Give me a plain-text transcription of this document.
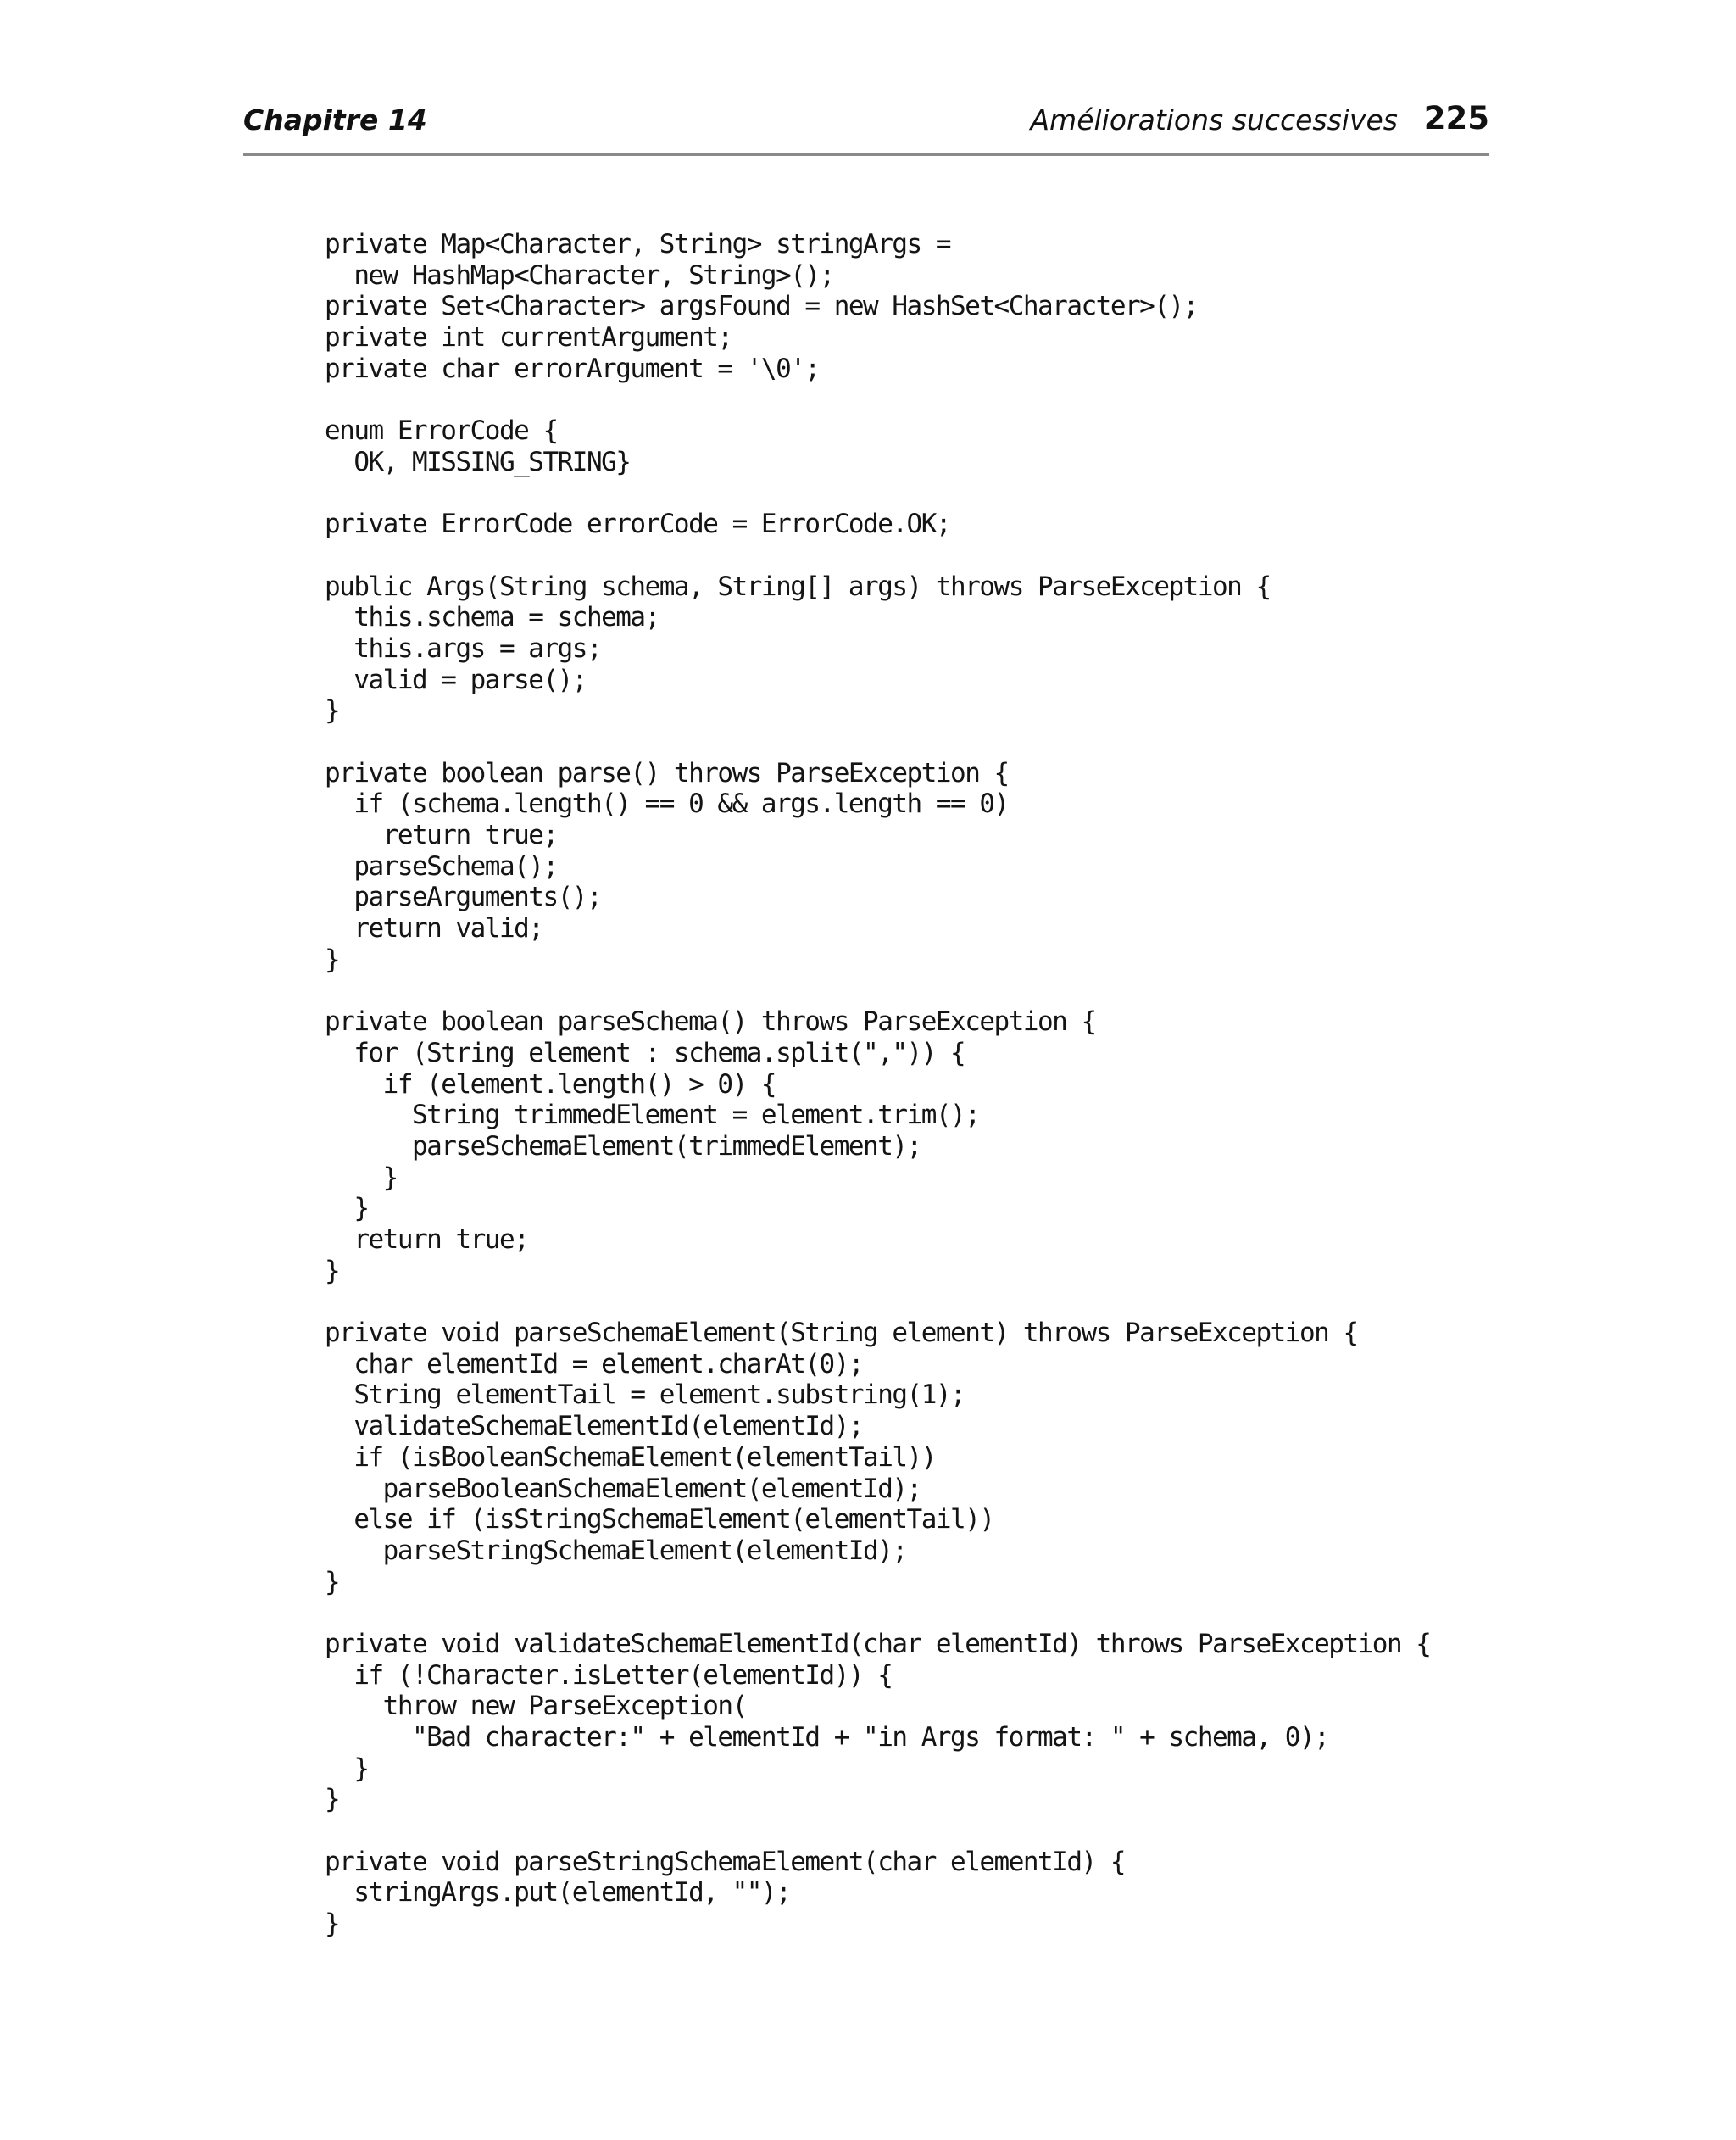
Chapitre 14	Améliorations successives 225
private Map<Character, String> stringArgs =
new HashMap<Character, String>();
private Set<Character> argsFound = new HashSet<Character>();
private int currentArgument;
private char errorArgument = '\0';
enum ErrorCode {
OK, MISSING_STRING}
private ErrorCode errorCode = ErrorCode.OK;
public Args(String schema, String[] args) throws ParseException {
this.schema = schema;
this.args = args;
valid = parse();
}
private boolean parse() throws ParseException {
if (schema.length() == 0 && args.length == 0)
return true;
parseSchema();
parseArguments();
return valid;
}
private boolean parseSchema() throws ParseException {
for (String element : schema.split(",")) {
if (element.length() > 0) {
String trimmedElement = element.trim();
parseSchemaElement(trimmedElement);
}
}
return true;
}
private void parseSchemaElement(String element) throws ParseException {
char elementId = element.charAt(0);
String elementTail = element.substring(1);
validateSchemaElementId(elementId);
if (isBooleanSchemaElement(elementTail))
parseBooleanSchemaElement(elementId);
else if (isStringSchemaElement(elementTail))
parseStringSchemaElement(elementId);
}
private void validateSchemaElementId(char elementId) throws ParseException {
if (!Character.isLetter(elementId)) {
throw new ParseException(
"Bad character:" + elementId + "in Args format: " + schema, 0);
}
}
private void parseStringSchemaElement(char elementId) {
stringArgs.put(elementId, "");
}
